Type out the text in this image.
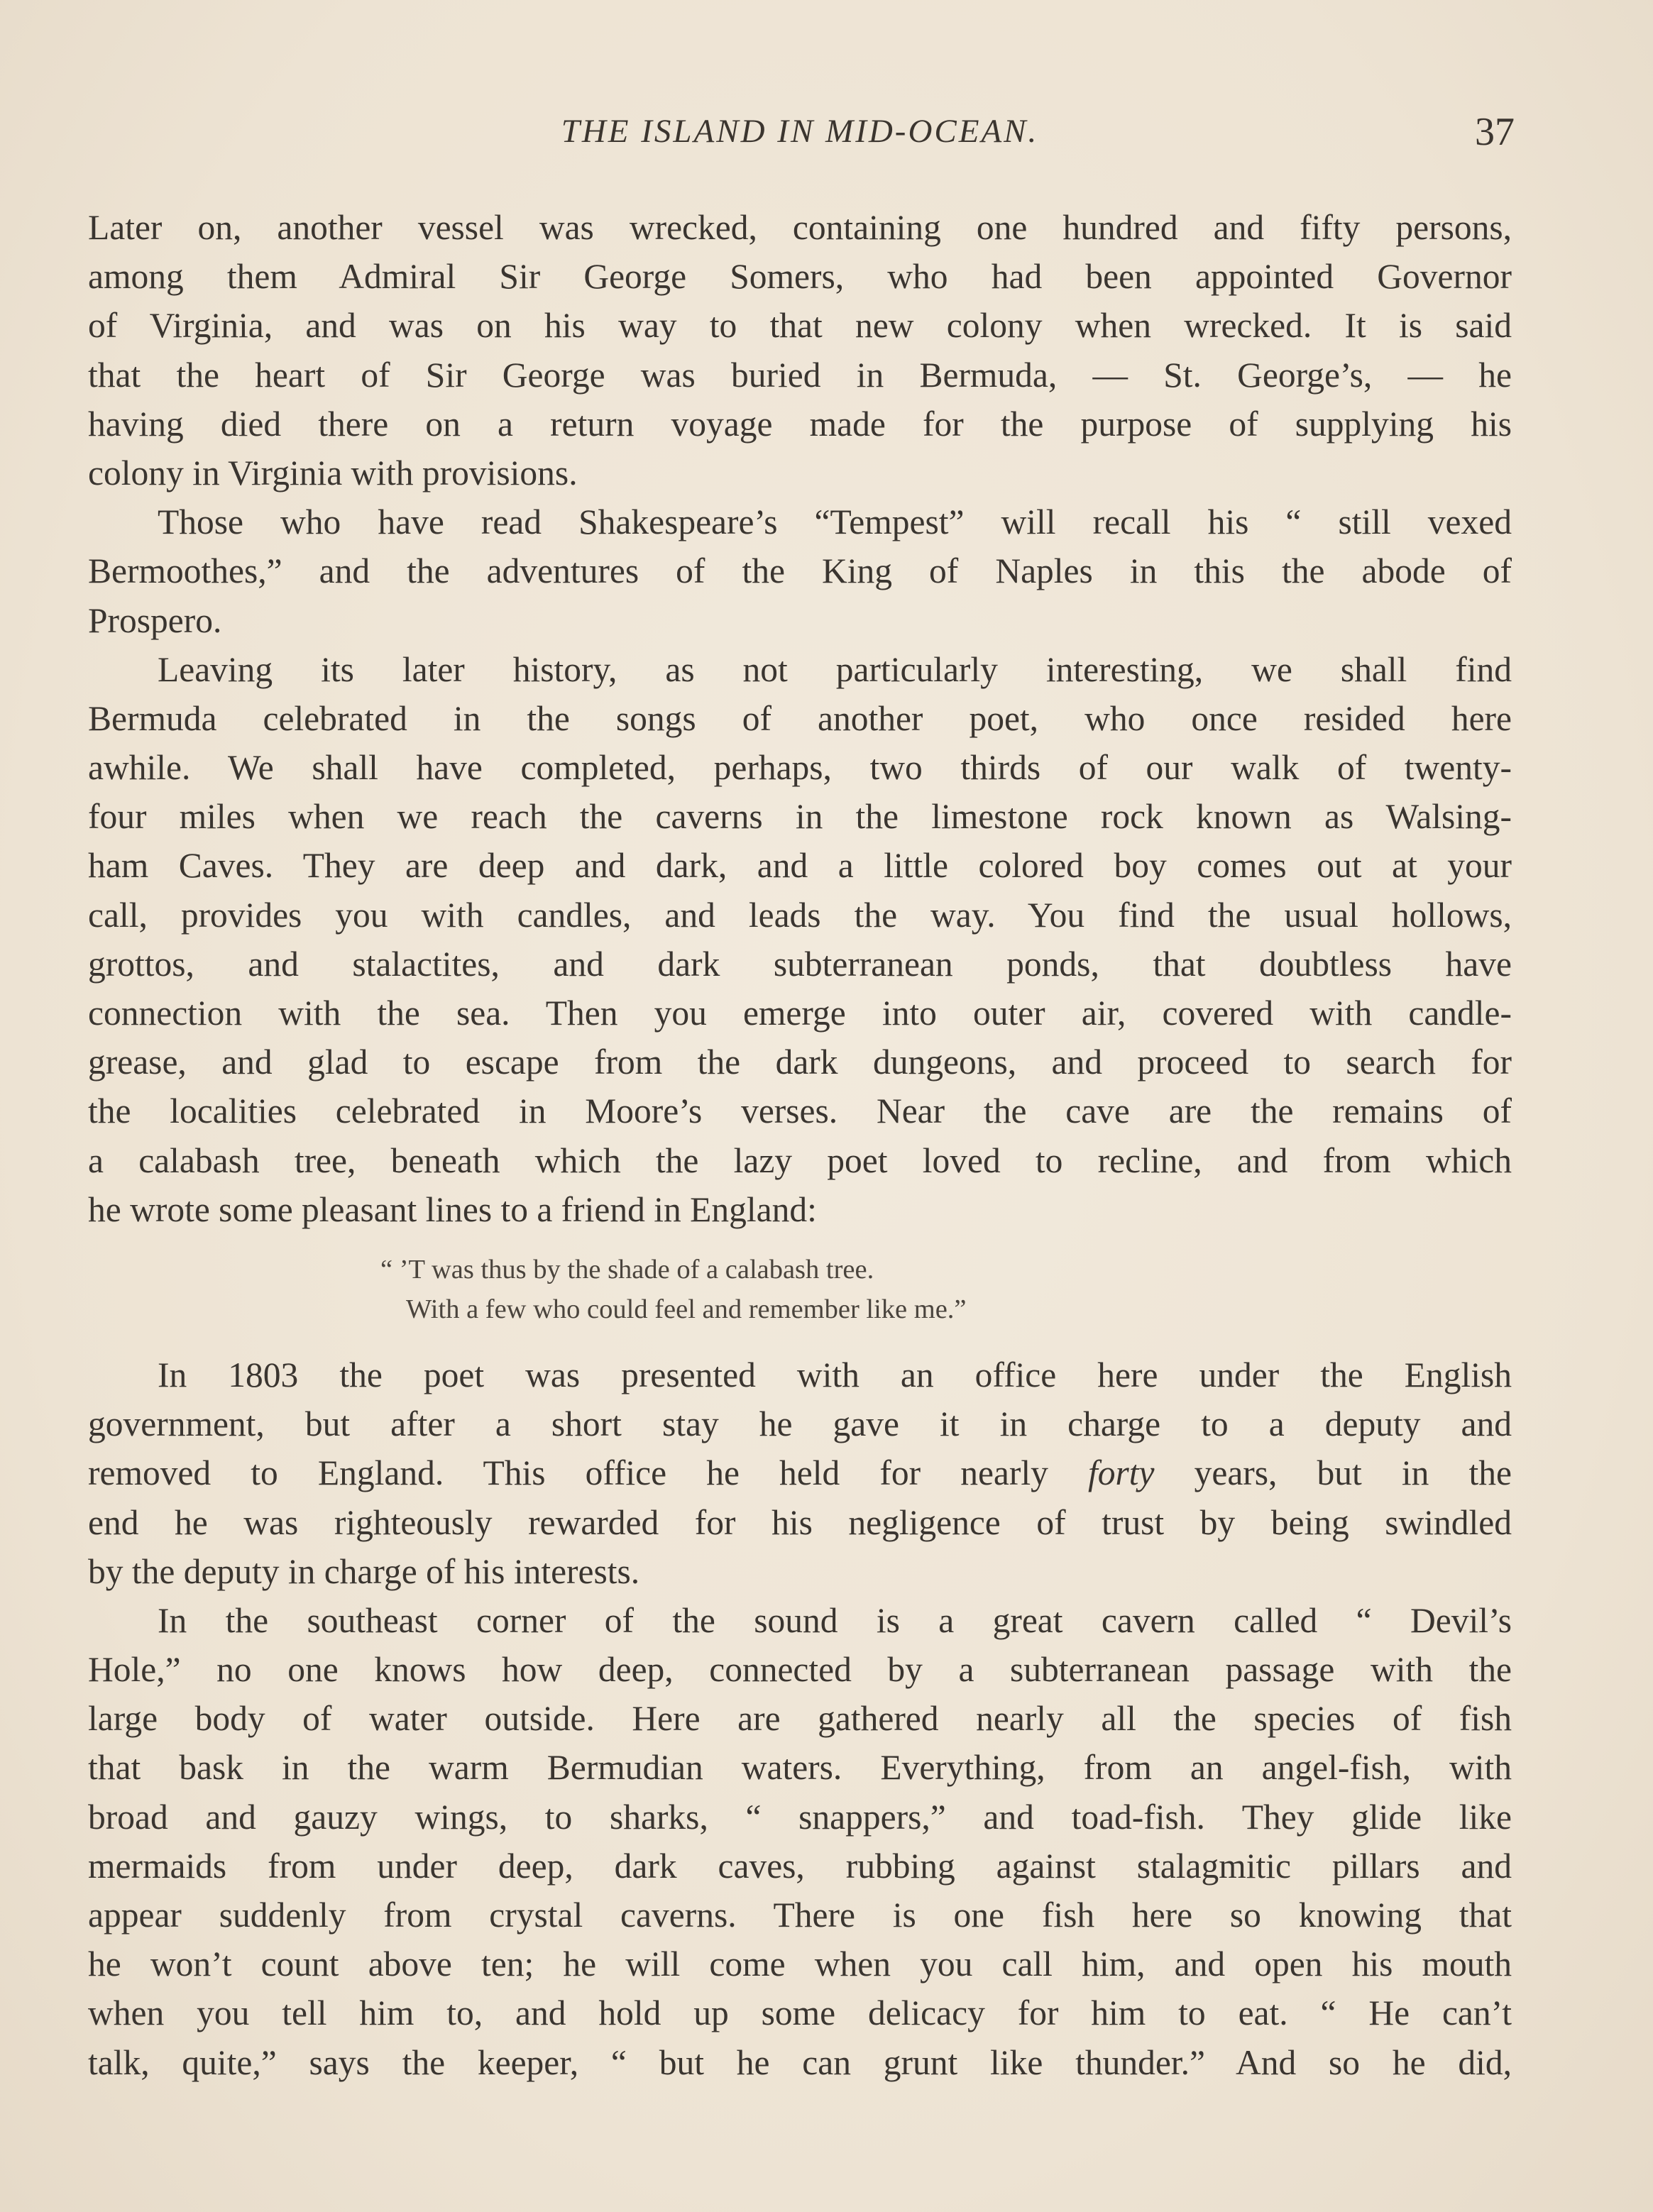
THE ISLAND IN MID-OCEAN.	37
Later on, another vessel was wrecked, containing one hundred and fifty persons,
among them Admiral Sir George Somers, who had been appointed Governor
of Virginia, and was on his way to that new colony when wrecked. It is said
that the heart of Sir George was buried in Bermuda, — St. George’s, — he
having died there on a return voyage made for the purpose of supplying his
colony in Virginia with provisions.
Those who have read Shakespeare’s “Tempest” will recall his “ still vexed
Bermoothes,” and the adventures of the King of Naples in this the abode of
Prospero.
Leaving its later history, as not particularly interesting, we shall find
Bermuda celebrated in the songs of another poet, who once resided here
awhile. We shall have completed, perhaps, two thirds of our walk of twenty-
four miles when we reach the caverns in the limestone rock known as Walsing-
ham Caves. They are deep and dark, and a little colored boy comes out at your
call, provides you with candles, and leads the way. You find the usual hollows,
grottos, and stalactites, and dark subterranean ponds, that doubtless have
connection with the sea. Then you emerge into outer air, covered with candle-
grease, and glad to escape from the dark dungeons, and proceed to search for
the localities celebrated in Moore’s verses. Near the cave are the remains of
a calabash tree, beneath which the lazy poet loved to recline, and from which
he wrote some pleasant lines to a friend in England:
“ ’T was thus by the shade of a calabash tree.
With a few who could feel and remember like me.”
In 1803 the poet was presented with an office here under the English
government, but after a short stay he gave it in charge to a deputy and
removed to England. This office he held for nearly forty years, but in the
end he was righteously rewarded for his negligence of trust by being swindled
by the deputy in charge of his interests.
In the southeast corner of the sound is a great cavern called “ Devil’s
Hole,” no one knows how deep, connected by a subterranean passage with the
large body of water outside. Here are gathered nearly all the species of fish
that bask in the warm Bermudian waters. Everything, from an angel-fish, with
broad and gauzy wings, to sharks, “ snappers,” and toad-fish. They glide like
mermaids from under deep, dark caves, rubbing against stalagmitic pillars and
appear suddenly from crystal caverns. There is one fish here so knowing that
he won’t count above ten; he will come when you call him, and open his mouth
when you tell him to, and hold up some delicacy for him to eat. “ He can’t
talk, quite,” says the keeper, “ but he can grunt like thunder.” And so he did,
